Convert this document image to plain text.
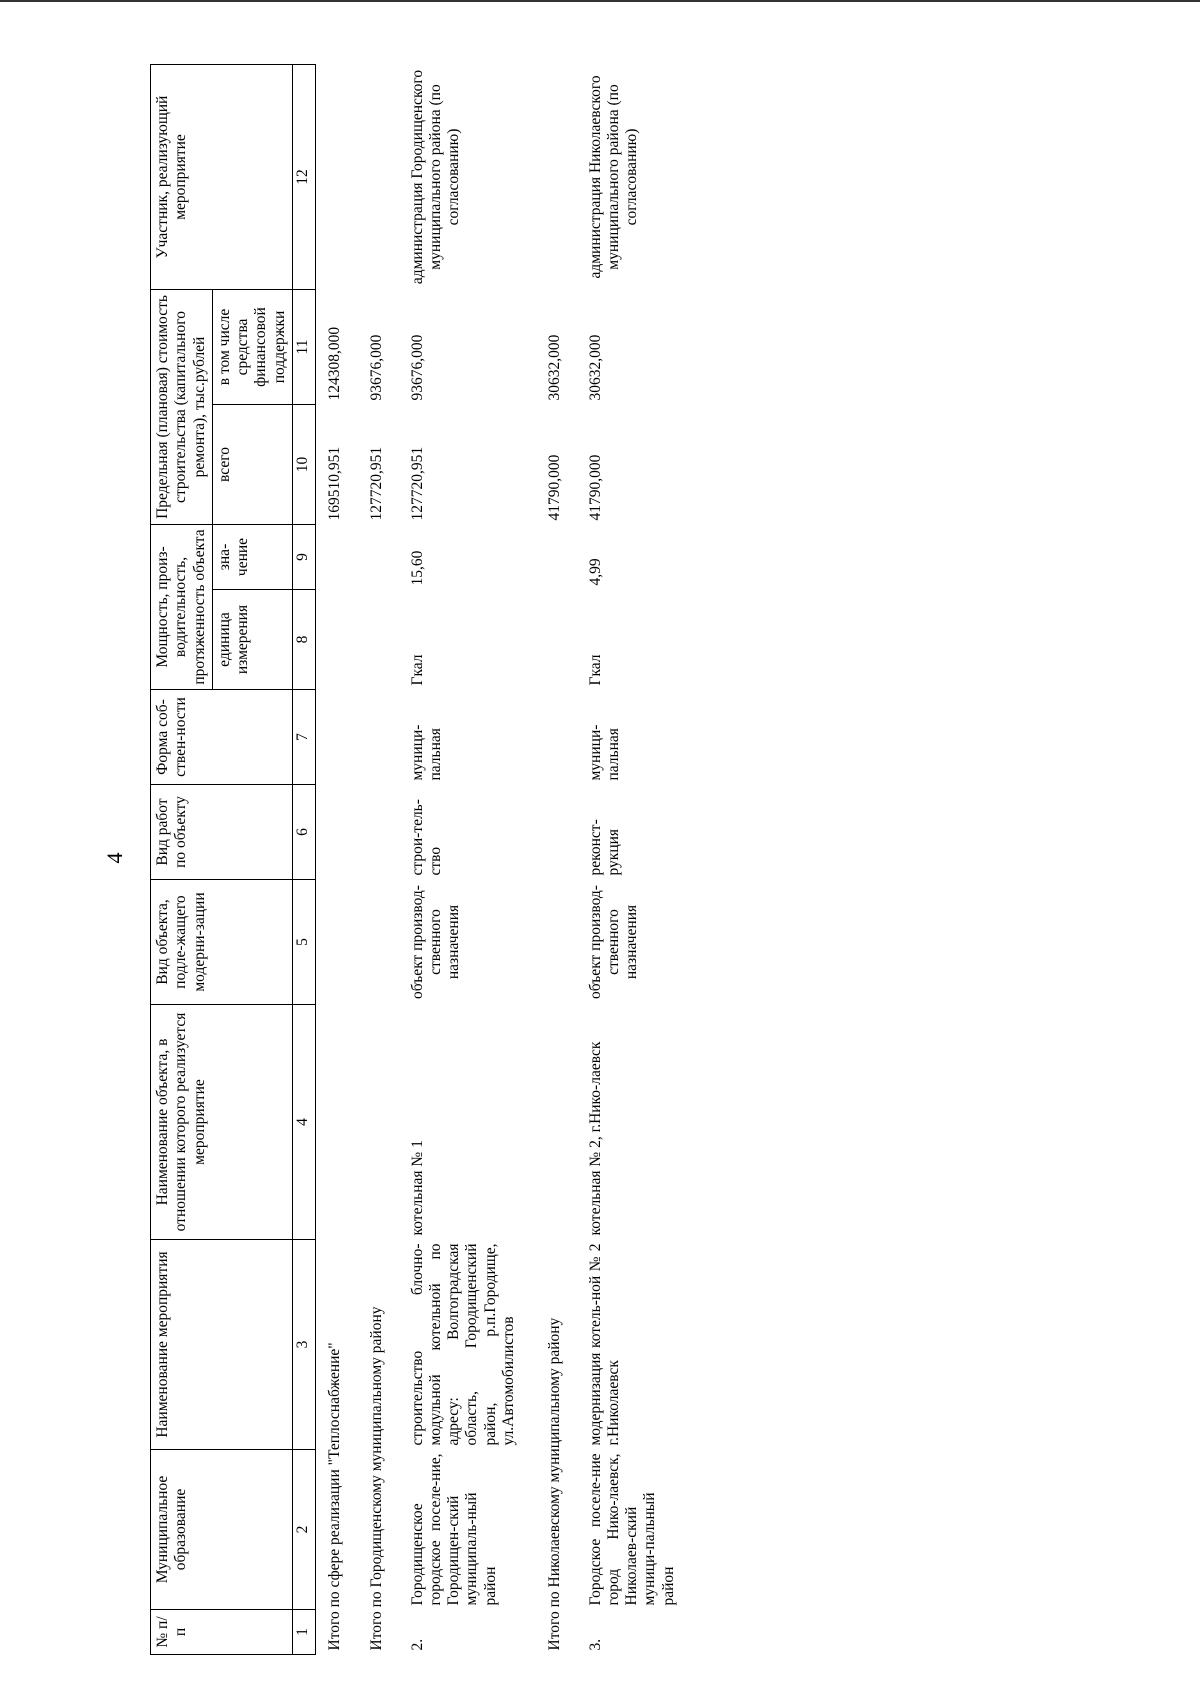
4
№ п/п	Муниципальное образование	Наименование мероприятия	Наименование объекта, в отношении которого реализуется мероприятие	Вид объекта, подле-жащего модерни-зации	Вид работ по объекту	Форма соб-ствен-ности	Мощность, произ-водительность, протяженность объекта		Предельная (плановая) стоимость строительства (капитального ремонта), тыс.рублей		Участник, реализующий мероприятие
							единица измерения	зна-чение	всего	в том числе средства финансовой поддержки	
1	2	3	4	5	6	7	8	9	10	11	12
Итого по сфере реализации "Теплоснабжение"									169510,951	124308,000	
Итого по Городищенскому муниципальному району									127720,951	93676,000	
2.	Городищенское городское поселе-ние, Городищен-ский муниципаль-ный район	строительство блочно-модульной котельной по адресу: Волгоградская область, Городищенский район, р.п.Городище, ул.Автомобилистов	котельная № 1	объект производ-ственного назначения	строи-тель-ство	муници-пальная	Гкал	15,60	127720,951	93676,000	администрация Городищенского муниципального района (по согласованию)
Итого по Николаевскому муниципальному району									41790,000	30632,000	
3.	Городское поселе-ние город Нико-лаевск, Николаев-ский муници-пальный район	модернизация котель-ной № 2 г.Николаевск	котельная № 2, г.Нико-лаевск	объект производ-ственного назначения	реконст-рукция	муници-пальная	Гкал	4,99	41790,000	30632,000	администрация Николаевского муниципального района (по согласованию)
